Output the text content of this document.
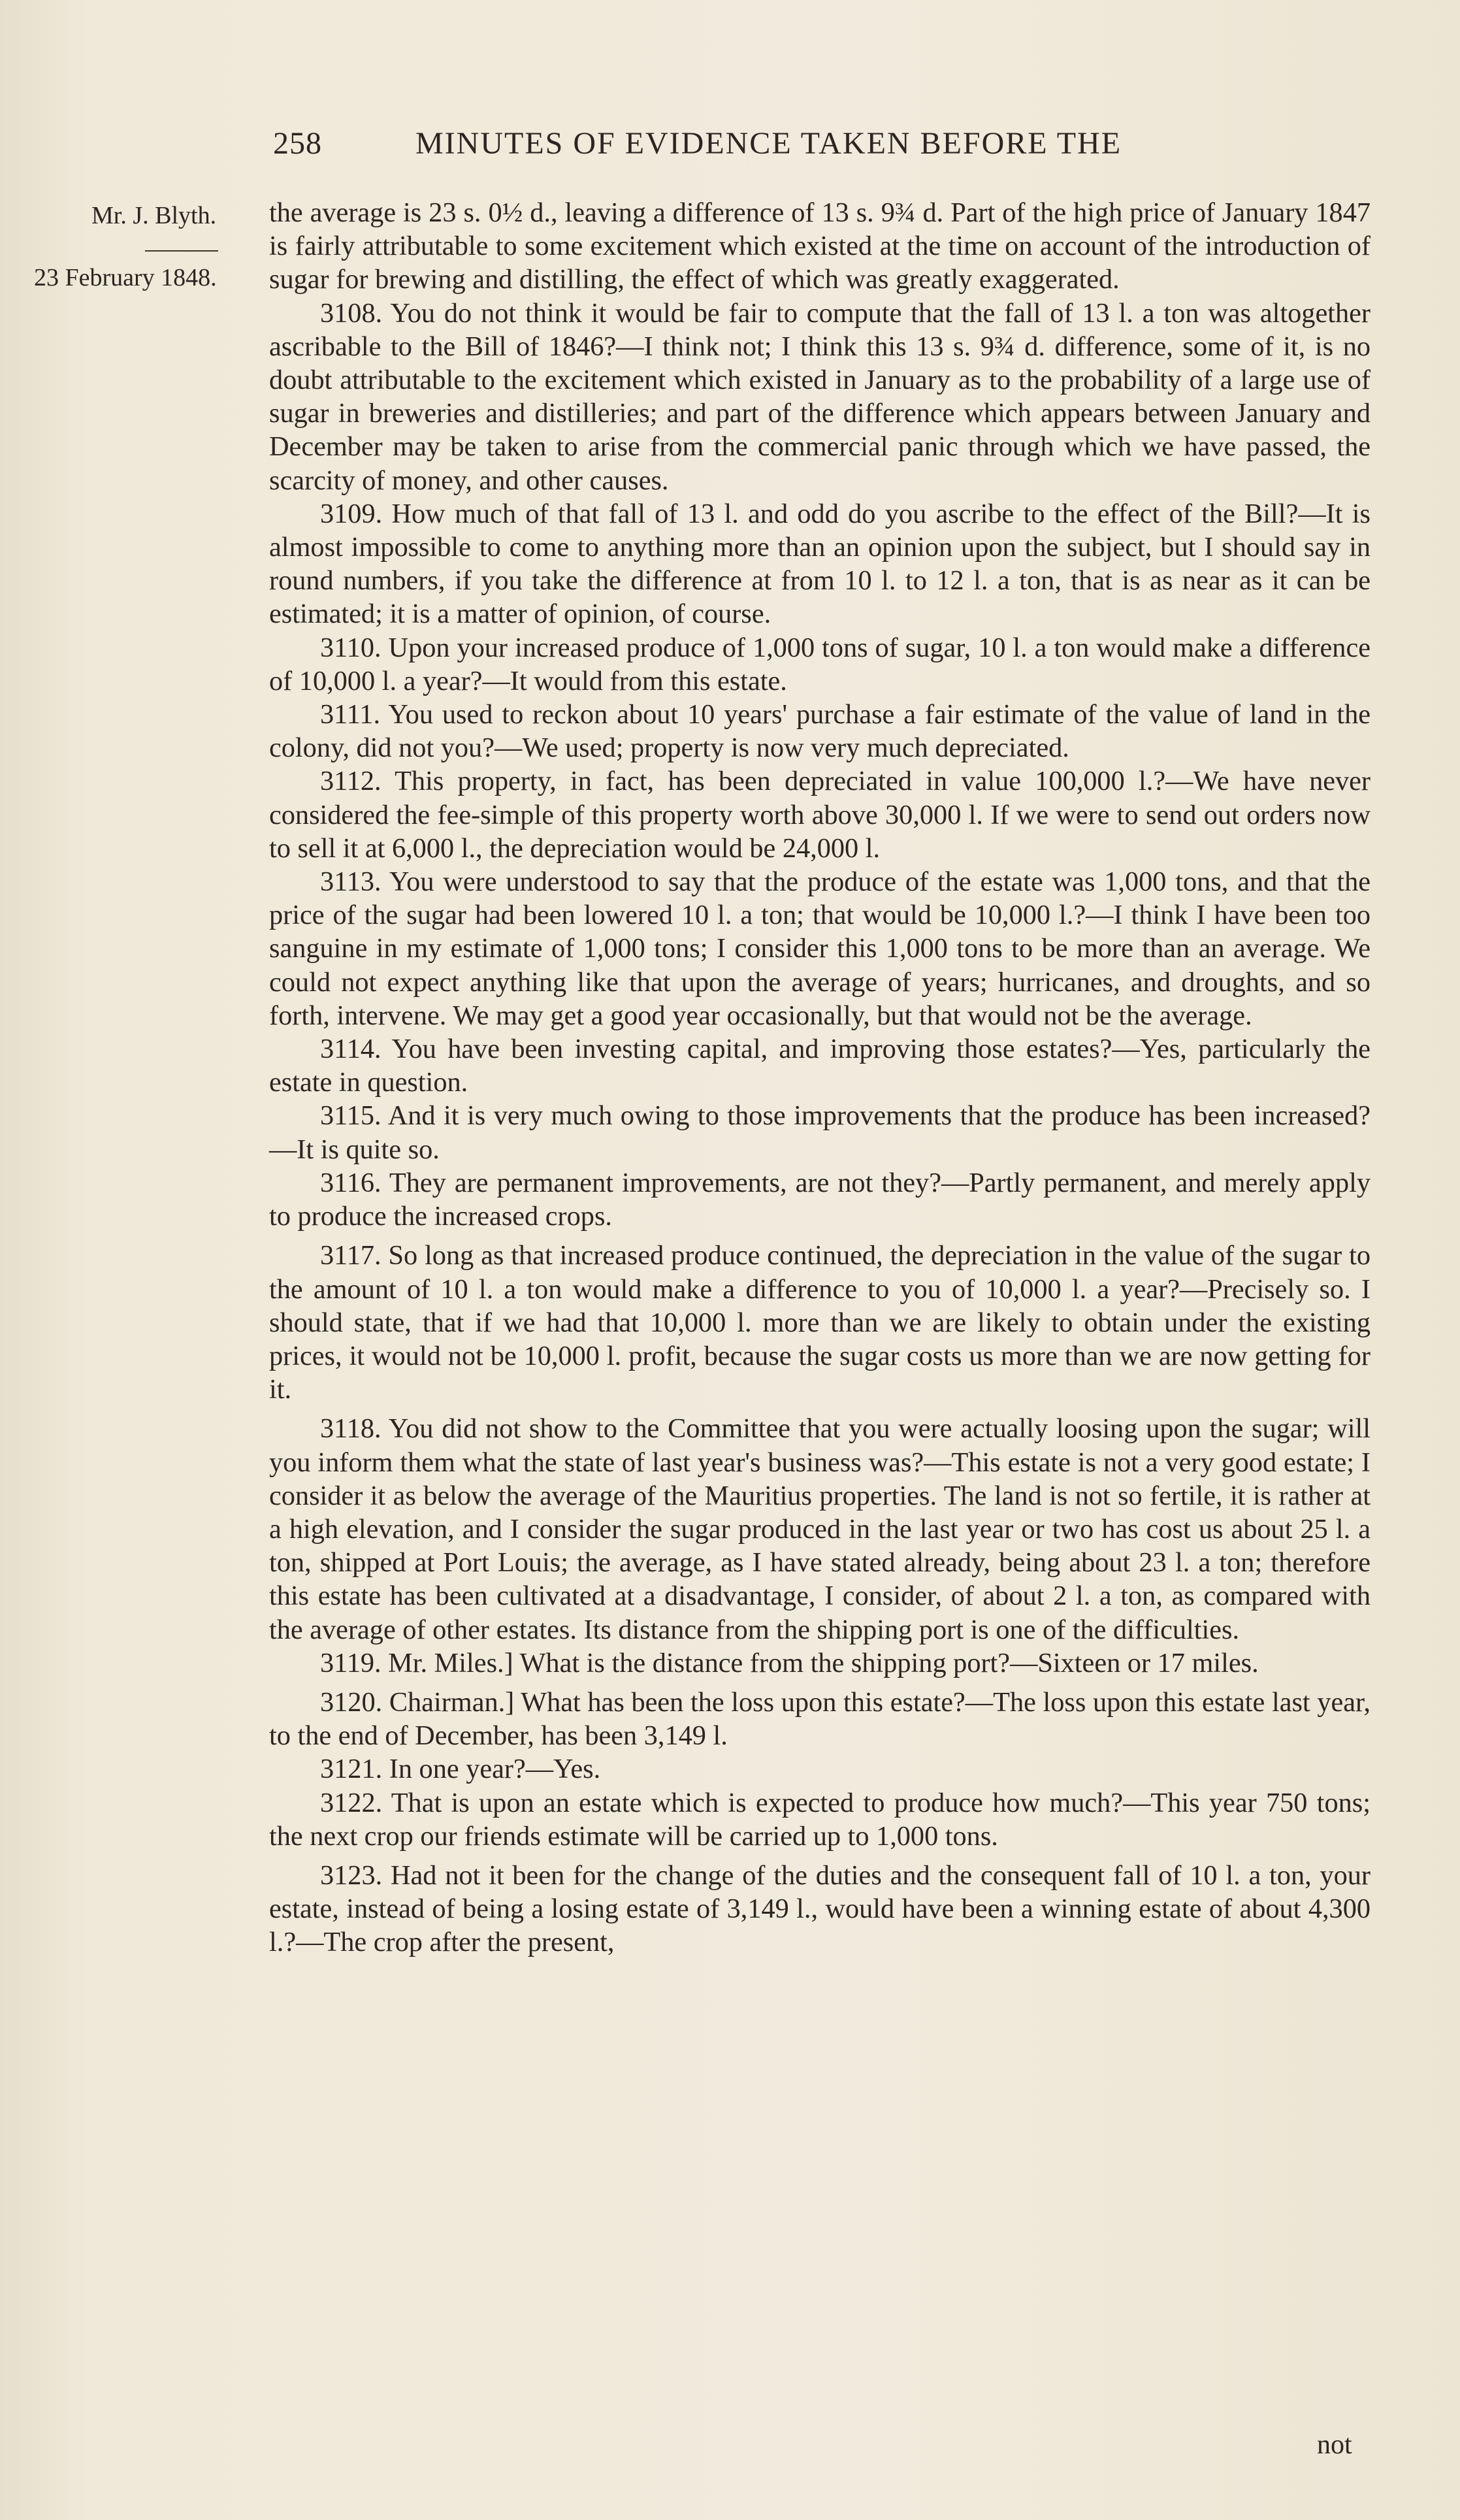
258	MINUTES OF EVIDENCE TAKEN BEFORE THE
Mr. J. Blyth.
23 February 1848.

the average is 23 s. 0½ d., leaving a difference of 13 s. 9¾ d. Part of the high price of January 1847 is fairly attributable to some excitement which existed at the time on account of the introduction of sugar for brewing and distilling, the effect of which was greatly exaggerated.

3108. You do not think it would be fair to compute that the fall of 13 l. a ton was altogether ascribable to the Bill of 1846?—I think not; I think this 13 s. 9¾ d. difference, some of it, is no doubt attributable to the excitement which existed in January as to the probability of a large use of sugar in breweries and distilleries; and part of the difference which appears between January and December may be taken to arise from the commercial panic through which we have passed, the scarcity of money, and other causes.

3109. How much of that fall of 13 l. and odd do you ascribe to the effect of the Bill?—It is almost impossible to come to anything more than an opinion upon the subject, but I should say in round numbers, if you take the difference at from 10 l. to 12 l. a ton, that is as near as it can be estimated; it is a matter of opinion, of course.

3110. Upon your increased produce of 1,000 tons of sugar, 10 l. a ton would make a difference of 10,000 l. a year?—It would from this estate.

3111. You used to reckon about 10 years' purchase a fair estimate of the value of land in the colony, did not you?—We used; property is now very much depreciated.

3112. This property, in fact, has been depreciated in value 100,000 l.?—We have never considered the fee-simple of this property worth above 30,000 l. If we were to send out orders now to sell it at 6,000 l., the depreciation would be 24,000 l.

3113. You were understood to say that the produce of the estate was 1,000 tons, and that the price of the sugar had been lowered 10 l. a ton; that would be 10,000 l.?—I think I have been too sanguine in my estimate of 1,000 tons; I consider this 1,000 tons to be more than an average. We could not expect anything like that upon the average of years; hurricanes, and droughts, and so forth, intervene. We may get a good year occasionally, but that would not be the average.

3114. You have been investing capital, and improving those estates?—Yes, particularly the estate in question.

3115. And it is very much owing to those improvements that the produce has been increased?—It is quite so.

3116. They are permanent improvements, are not they?—Partly permanent, and merely apply to produce the increased crops.

3117. So long as that increased produce continued, the depreciation in the value of the sugar to the amount of 10 l. a ton would make a difference to you of 10,000 l. a year?—Precisely so. I should state, that if we had that 10,000 l. more than we are likely to obtain under the existing prices, it would not be 10,000 l. profit, because the sugar costs us more than we are now getting for it.

3118. You did not show to the Committee that you were actually loosing upon the sugar; will you inform them what the state of last year's business was?—This estate is not a very good estate; I consider it as below the average of the Mauritius properties. The land is not so fertile, it is rather at a high elevation, and I consider the sugar produced in the last year or two has cost us about 25 l. a ton, shipped at Port Louis; the average, as I have stated already, being about 23 l. a ton; therefore this estate has been cultivated at a disadvantage, I consider, of about 2 l. a ton, as compared with the average of other estates. Its distance from the shipping port is one of the difficulties.

3119. Mr. Miles.] What is the distance from the shipping port?—Sixteen or 17 miles.

3120. Chairman.] What has been the loss upon this estate?—The loss upon this estate last year, to the end of December, has been 3,149 l.

3121. In one year?—Yes.

3122. That is upon an estate which is expected to produce how much?—This year 750 tons; the next crop our friends estimate will be carried up to 1,000 tons.

3123. Had not it been for the change of the duties and the consequent fall of 10 l. a ton, your estate, instead of being a losing estate of 3,149 l., would have been a winning estate of about 4,300 l.?—The crop after the present,

not
